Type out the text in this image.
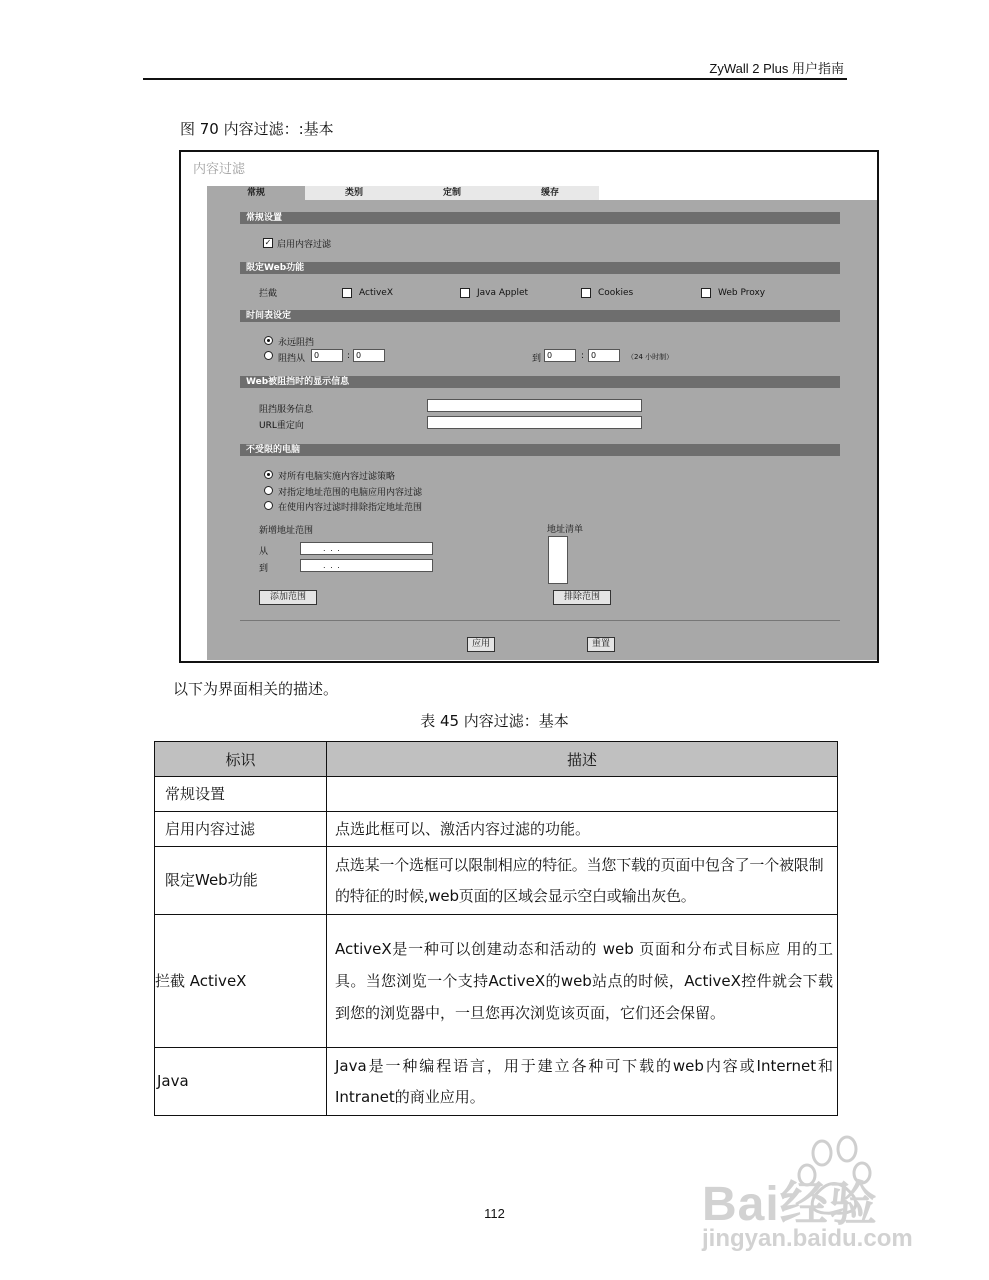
ZyWall 2 Plus 用户指南
图 70 内容过滤：:基本
内容过滤
常规	类别	定制	缓存
常规设置
✓ 启用内容过滤
限定Web功能
拦截	ActiveX	Java Applet	Cookies	Web Proxy
时间表设定
永远阻挡
阻挡从	0	: 0	到 0	: 0	（24 小时制）
Web被阻挡时的显示信息
阻挡服务信息
URL重定向
不受限的电脑
对所有电脑实施内容过滤策略
对指定地址范围的电脑应用内容过滤
在使用内容过滤时排除指定地址范围
新增地址范围
从	. . .
到	. . .
地址清单
添加范围	排除范围
应用	重置
以下为界面相关的描述。
表 45 内容过滤：基本
标识	描述
常规设置	
启用内容过滤	点选此框可以、激活内容过滤的功能。
限定Web功能	点选某一个选框可以限制相应的特征。当您下载的页面中包含了一个被限制的特征的时候,web页面的区域会显示空白或输出灰色。
拦截 ActiveX	ActiveX是一种可以创建动态和活动的 web 页面和分布式目标应 用的工具。当您浏览一个支持ActiveX的web站点的时候，ActiveX控件就会下载到您的浏览器中，一旦您再次浏览该页面，它们还会保留。
Java	Java是一种编程语言，用于建立各种可下载的web内容或Internet和Intranet的商业应用。
112	Bai经验
jingyan.baidu.com
